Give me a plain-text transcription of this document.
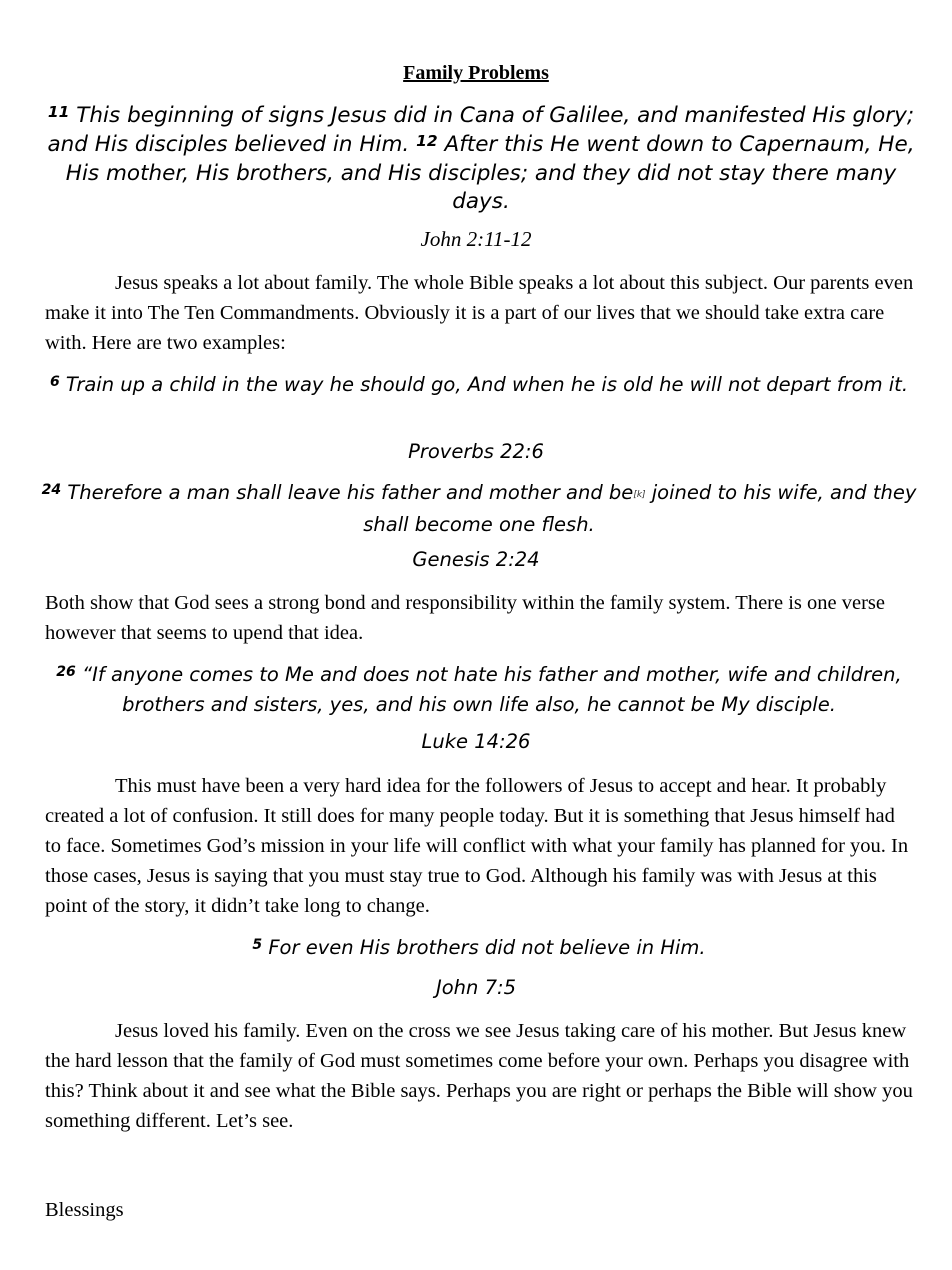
Family Problems
$^{11}$ This beginning of signs Jesus did in Cana of Galilee, and manifested His glory; and His disciples believed in Him. $^{12}$ After this He went down to Capernaum, He, His mother, His brothers, and His disciples; and they did not stay there many days.
John 2:11-12

Jesus speaks a lot about family. The whole Bible speaks a lot about this subject. Our parents even make it into The Ten Commandments. Obviously it is a part of our lives that we should take extra care with. Here are two examples:

$^6$ Train up a child in the way he should go, And when he is old he will not depart from it.
Proverbs 22:6
$^{24}$ Therefore a man shall leave his father and mother and be[k] joined to his wife, and they shall become one flesh.
Genesis 2:24

Both show that God sees a strong bond and responsibility within the family system. There is one verse however that seems to upend that idea.

$^{26}$ “If anyone comes to Me and does not hate his father and mother, wife and children, brothers and sisters, yes, and his own life also, he cannot be My disciple.
Luke 14:26

This must have been a very hard idea for the followers of Jesus to accept and hear. It probably created a lot of confusion. It still does for many people today. But it is something that Jesus himself had to face. Sometimes God’s mission in your life will conflict with what your family has planned for you. In those cases, Jesus is saying that you must stay true to God. Although his family was with Jesus at this point of the story, it didn’t take long to change.

$^5$ For even His brothers did not believe in Him.
John 7:5

Jesus loved his family. Even on the cross we see Jesus taking care of his mother. But Jesus knew the hard lesson that the family of God must sometimes come before your own. Perhaps you disagree with this? Think about it and see what the Bible says. Perhaps you are right or perhaps the Bible will show you something different. Let’s see.

Blessings
